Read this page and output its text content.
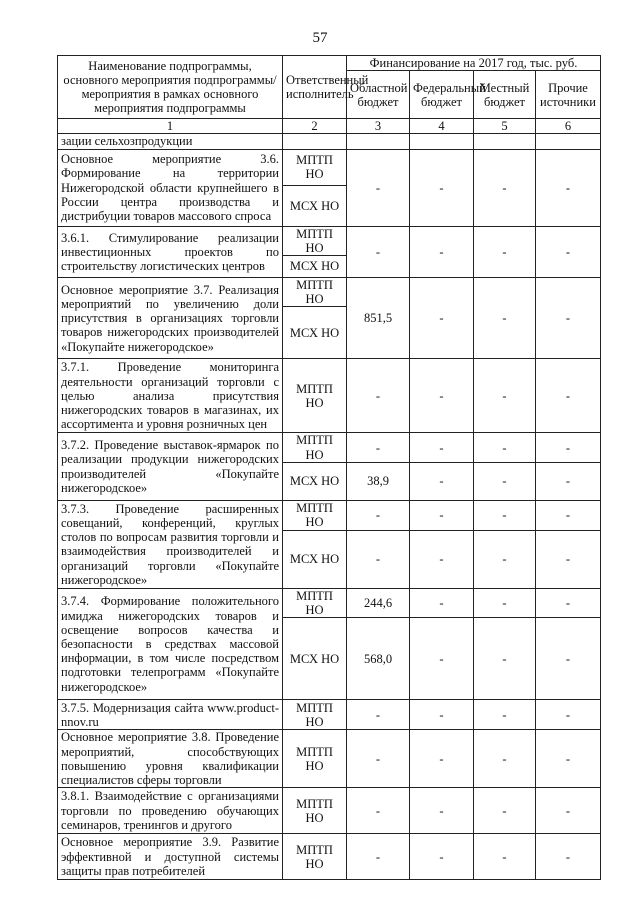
57
Наименование подпрограммы, основного мероприятия подпрограммы/мероприятия в рамках основного мероприятия подпрограммы	Ответственный исполнитель	Финансирование на 2017 год, тыс. руб.			
		Областной бюджет	Федеральный бюджет	Местный бюджет	Прочие источники
1	2	3	4	5	6
зации сельхозпродукции					
Основное мероприятие 3.6. Формирование на территории Нижегородской области крупнейшего в России центра производства и дистрибуции товаров массового спроса	МПТП НО	-	-	-	-
	МСХ НО				
3.6.1. Стимулирование реализации инвестиционных проектов по строительству логистических центров	МПТП НО	-	-	-	-
	МСХ НО				
Основное мероприятие 3.7. Реализация мероприятий по увеличению доли присутствия в организациях торговли товаров нижегородских производителей «Покупайте нижегородское»	МПТП НО	851,5	-	-	-
	МСХ НО				
3.7.1. Проведение мониторинга деятельности организаций торговли с целью анализа присутствия нижегородских товаров в магазинах, их ассортимента и уровня розничных цен	МПТП НО	-	-	-	-
3.7.2. Проведение выставок-ярмарок по реализации продукции нижегородских производителей «Покупайте нижегородское»	МПТП НО	-	-	-	-
	МСХ НО	38,9	-	-	-
3.7.3. Проведение расширенных совещаний, конференций, круглых столов по вопросам развития торговли и взаимодействия производителей и организаций торговли «Покупайте нижегородское»	МПТП НО	-	-	-	-
	МСХ НО	-	-	-	-
3.7.4. Формирование положительного имиджа нижегородских товаров и освещение вопросов качества и безопасности в средствах массовой информации, в том числе посредством подготовки телепрограмм «Покупайте нижегородское»	МПТП НО	244,6	-	-	-
	МСХ НО	568,0	-	-	-
3.7.5. Модернизация сайта www.product-nnov.ru	МПТП НО	-	-	-	-
Основное мероприятие 3.8. Проведение мероприятий, способствующих повышению уровня квалификации специалистов сферы торговли	МПТП НО	-	-	-	-
3.8.1. Взаимодействие с организациями торговли по проведению обучающих семинаров, тренингов и другого	МПТП НО	-	-	-	-
Основное мероприятие 3.9. Развитие эффективной и доступной системы защиты прав потребителей	МПТП НО	-	-	-	-
